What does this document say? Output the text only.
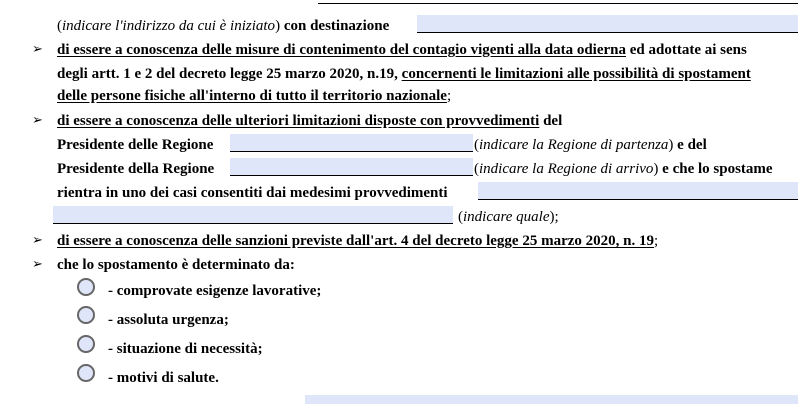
(indicare l'indirizzo da cui è iniziato) con destinazione
➢ di essere a conoscenza delle misure di contenimento del contagio vigenti alla data odierna ed adottate ai sens
degli artt. 1 e 2 del decreto legge 25 marzo 2020, n.19, concernenti le limitazioni alle possibilità di spostament
delle persone fisiche all'interno di tutto il territorio nazionale;
➢ di essere a conoscenza delle ulteriori limitazioni disposte con provvedimenti del
Presidente delle Regione	(indicare la Regione di partenza) e del
Presidente della Regione	(indicare la Regione di arrivo) e che lo spostame
rientra in uno dei casi consentiti dai medesimi provvedimenti
(indicare quale);
➢ di essere a conoscenza delle sanzioni previste dall'art. 4 del decreto legge 25 marzo 2020, n. 19;
➢ che lo spostamento è determinato da:
- comprovate esigenze lavorative;
- assoluta urgenza;
- situazione di necessità;
- motivi di salute.
